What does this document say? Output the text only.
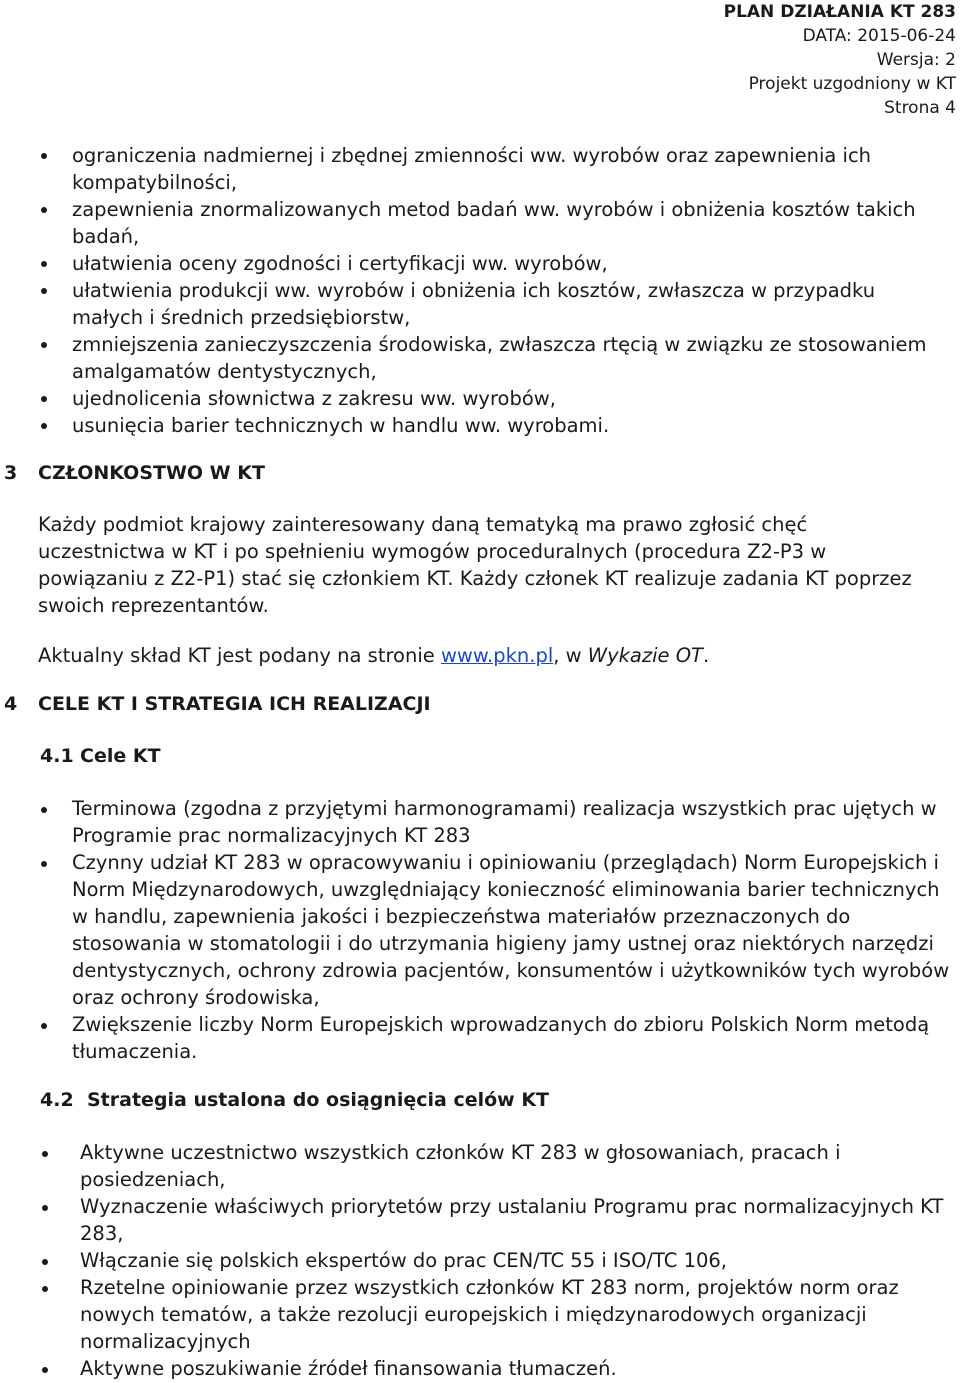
PLAN DZIAŁANIA KT 283
DATA: 2015-06-24
Wersja: 2
Projekt uzgodniony w KT
Strona 4
ograniczenia nadmiernej i zbędnej zmienności ww. wyrobów oraz zapewnienia ich kompatybilności,
zapewnienia znormalizowanych metod badań ww. wyrobów i obniżenia kosztów takich badań,
ułatwienia oceny zgodności i certyfikacji ww. wyrobów,
ułatwienia produkcji ww. wyrobów i obniżenia ich kosztów, zwłaszcza w przypadku małych i średnich przedsiębiorstw,
zmniejszenia zanieczyszczenia środowiska, zwłaszcza rtęcią w związku ze stosowaniem amalgamatów dentystycznych,
ujednolicenia słownictwa z zakresu ww. wyrobów,
usunięcia barier technicznych w handlu ww. wyrobami.
3 CZŁONKOSTWO W KT

Każdy podmiot krajowy zainteresowany daną tematyką ma prawo zgłosić chęć uczestnictwa w KT i po spełnieniu wymogów proceduralnych (procedura Z2-P3 w powiązaniu z Z2-P1) stać się członkiem KT. Każdy członek KT realizuje zadania KT poprzez swoich reprezentantów.

Aktualny skład KT jest podany na stronie www.pkn.pl, w Wykazie OT.

4 CELE KT I STRATEGIA ICH REALIZACJI
4.1 Cele KT
Terminowa (zgodna z przyjętymi harmonogramami) realizacja wszystkich prac ujętych w Programie prac normalizacyjnych KT 283
Czynny udział KT 283 w opracowywaniu i opiniowaniu (przeglądach) Norm Europejskich i Norm Międzynarodowych, uwzględniający konieczność eliminowania barier technicznych w handlu, zapewnienia jakości i bezpieczeństwa materiałów przeznaczonych do stosowania w stomatologii i do utrzymania higieny jamy ustnej oraz niektórych narzędzi dentystycznych, ochrony zdrowia pacjentów, konsumentów i użytkowników tych wyrobów oraz ochrony środowiska,
Zwiększenie liczby Norm Europejskich wprowadzanych do zbioru Polskich Norm metodą tłumaczenia.
4.2 Strategia ustalona do osiągnięcia celów KT
Aktywne uczestnictwo wszystkich członków KT 283 w głosowaniach, pracach i posiedzeniach,
Wyznaczenie właściwych priorytetów przy ustalaniu Programu prac normalizacyjnych KT 283,
Włączanie się polskich ekspertów do prac CEN/TC 55 i ISO/TC 106,
Rzetelne opiniowanie przez wszystkich członków KT 283 norm, projektów norm oraz nowych tematów, a także rezolucji europejskich i międzynarodowych organizacji normalizacyjnych
Aktywne poszukiwanie źródeł finansowania tłumaczeń.
